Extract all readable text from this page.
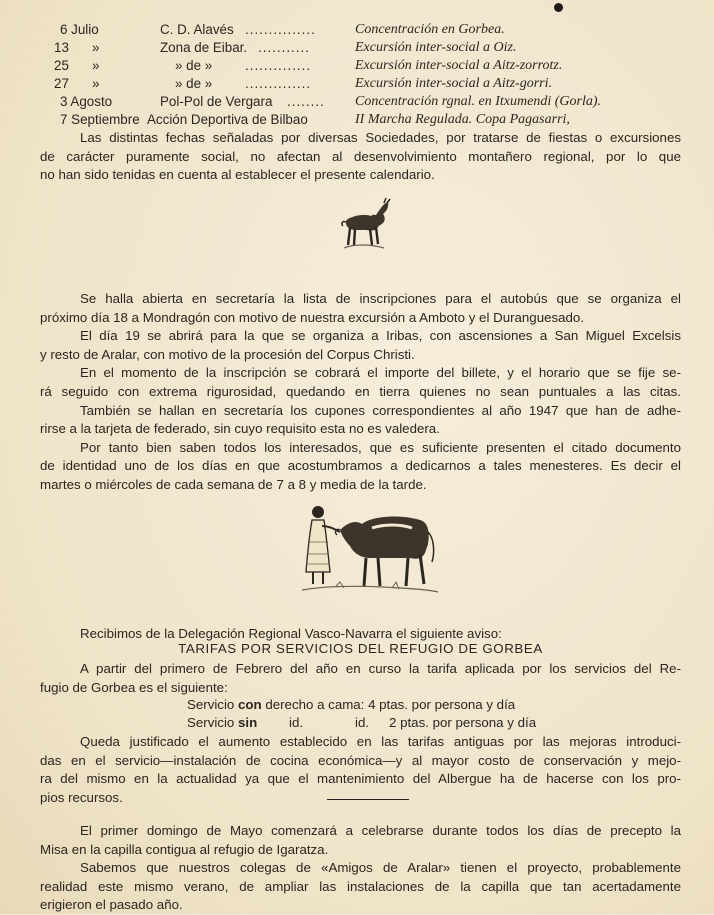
6 Julio	C. D. Alavés ...............	Concentración en Gorbea.
13 »	Zona de Eibar. ...........	Excursión inter-social a Oiz.
25 »	» de » ..............	Excursión inter-social a Aitz-zorrotz.
27 »	» de » ..............	Excursión inter-social a Aitz-gorri.
3 Agosto	Pol-Pol de Vergara ........ Concentración rgnal. en Itxumendi (Gorla).
7 Septiembre Acción Deportiva de Bilbao	II Marcha Regulada. Copa Pagasarri,
Las distintas fechas señaladas por diversas Sociedades, por tratarse de fiestas o excursiones
de carácter puramente social, no afectan al desenvolvimiento montañero regional, por lo que
no han sido tenidas en cuenta al establecer el presente calendario.
Se halla abierta en secretaría la lista de inscripciones para el autobús que se organiza el
próximo día 18 a Mondragón con motivo de nuestra excursión a Amboto y el Duranguesado.
El día 19 se abrirá para la que se organiza a Iribas, con ascensiones a San Miguel Excelsis
y resto de Aralar, con motivo de la procesión del Corpus Christi.
En el momento de la inscripción se cobrará el importe del billete, y el horario que se fije se-
rá seguido con extrema rigurosidad, quedando en tierra quienes no sean puntuales a las citas.
También se hallan en secretaría los cupones correspondientes al año 1947 que han de adhe-
rirse a la tarjeta de federado, sin cuyo requisito esta no es valedera.
Por tanto bien saben todos los interesados, que es suficiente presenten el citado documento
de identidad uno de los días en que acostumbramos a dedicarnos a tales menesteres. Es decir el
martes o miércoles de cada semana de 7 a 8 y media de la tarde.
Recibimos de la Delegación Regional Vasco-Navarra el siguiente aviso:
TARIFAS POR SERVICIOS DEL REFUGIO DE GORBEA
A partir del primero de Febrero del año en curso la tarifa aplicada por los servicios del Re-
fugio de Gorbea es el siguiente:
Servicio con derecho a cama: 4 ptas. por persona y día
Servicio sin id.	id. 2 ptas. por persona y día
Queda justificado el aumento establecido en las tarifas antiguas por las mejoras introduci-
das en el servicio—instalación de cocina económica—y al mayor costo de conservación y mejo-
ra del mismo en la actualidad ya que el mantenimiento del Albergue ha de hacerse con los pro-
pios recursos.
El primer domingo de Mayo comenzará a celebrarse durante todos los días de precepto la
Misa en la capilla contigua al refugio de Igaratza.
Sabemos que nuestros colegas de «Amigos de Aralar» tienen el proyecto, probablemente
realidad este mismo verano, de ampliar las instalaciones de la capilla que tan acertadamente
erigieron el pasado año.
